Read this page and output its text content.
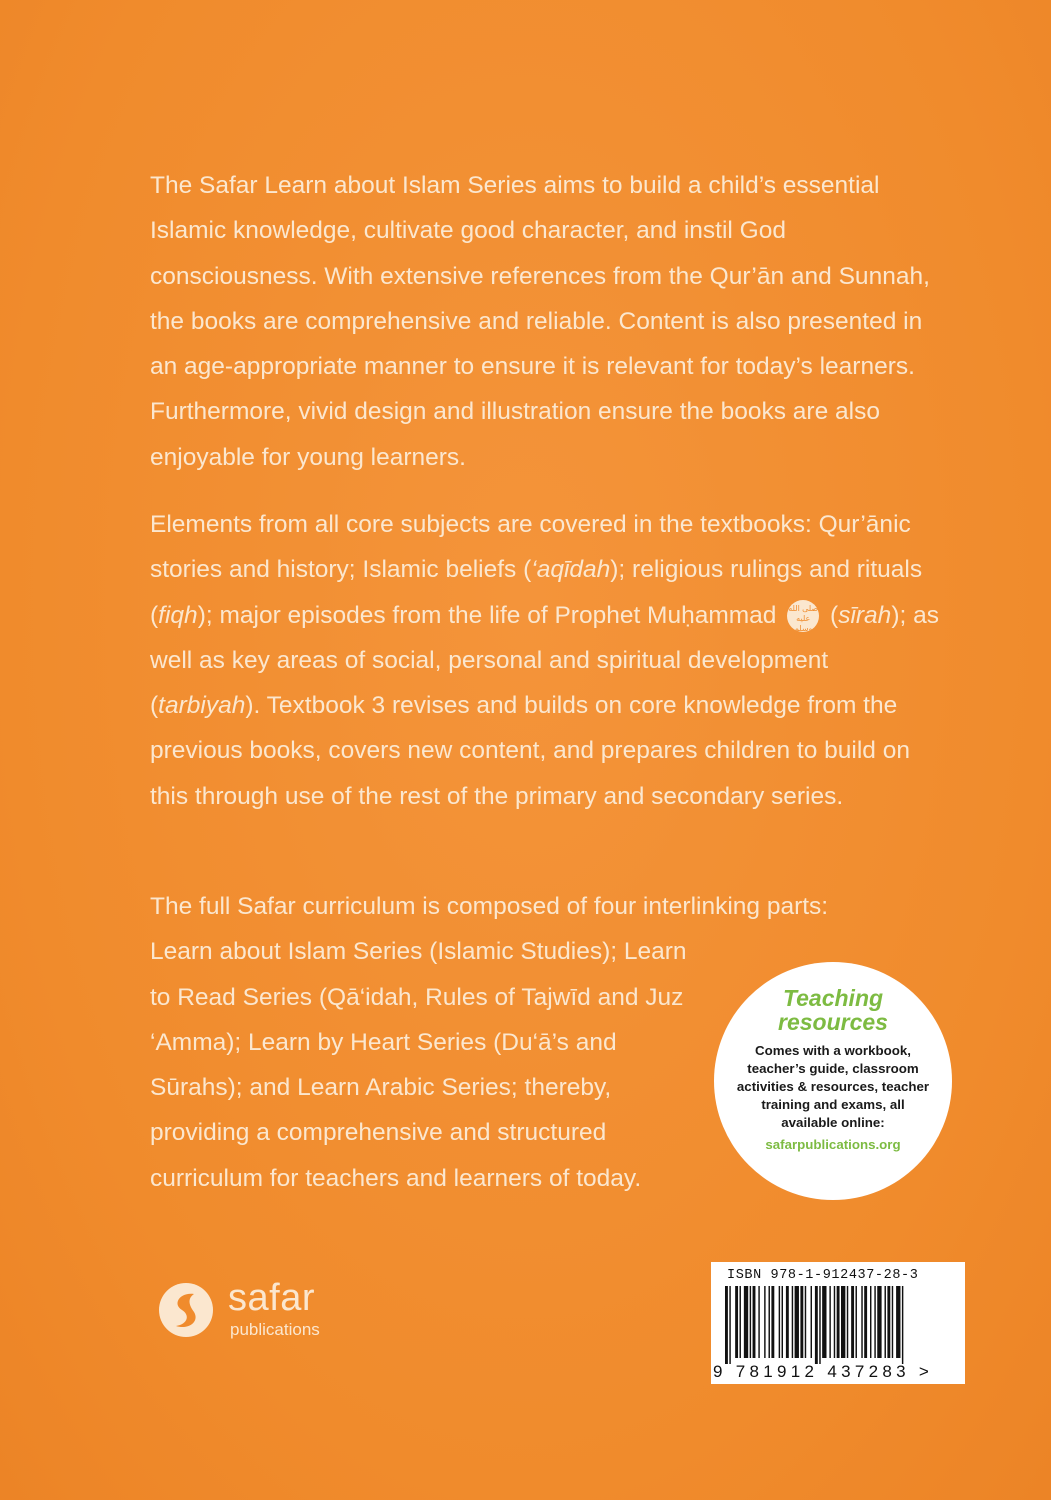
The Safar Learn about Islam Series aims to build a child’s essential Islamic knowledge, cultivate good character, and instil God consciousness. With extensive references from the Qur’ān and Sunnah, the books are comprehensive and reliable. Content is also presented in an age-appropriate manner to ensure it is relevant for today’s learners. Furthermore, vivid design and illustration ensure the books are also enjoyable for young learners.

Elements from all core subjects are covered in the textbooks: Qur’ānic stories and history; Islamic beliefs (‘aqīdah); religious rulings and rituals (fiqh); major episodes from the life of Prophet Muḥammad صلى الله عليه وسلم (sīrah); as well as key areas of social, personal and spiritual development (tarbiyah). Textbook 3 revises and builds on core knowledge from the previous books, covers new content, and prepares children to build on this through use of the rest of the primary and secondary series.

The full Safar curriculum is composed of four interlinking parts:
Learn about Islam Series (Islamic Studies); Learn to Read Series (Qā‘idah, Rules of Tajwīd and Juz ‘Amma); Learn by Heart Series (Du‘ā’s and Sūrahs); and Learn Arabic Series; thereby, providing a comprehensive and structured curriculum for teachers and learners of today.

Teaching
resources
Comes with a workbook, teacher’s guide, classroom activities & resources, teacher training and exams, all available online:
safarpublications.org
safar
publications
ISBN 978-1-912437-28-3
9 781912 437283 >
